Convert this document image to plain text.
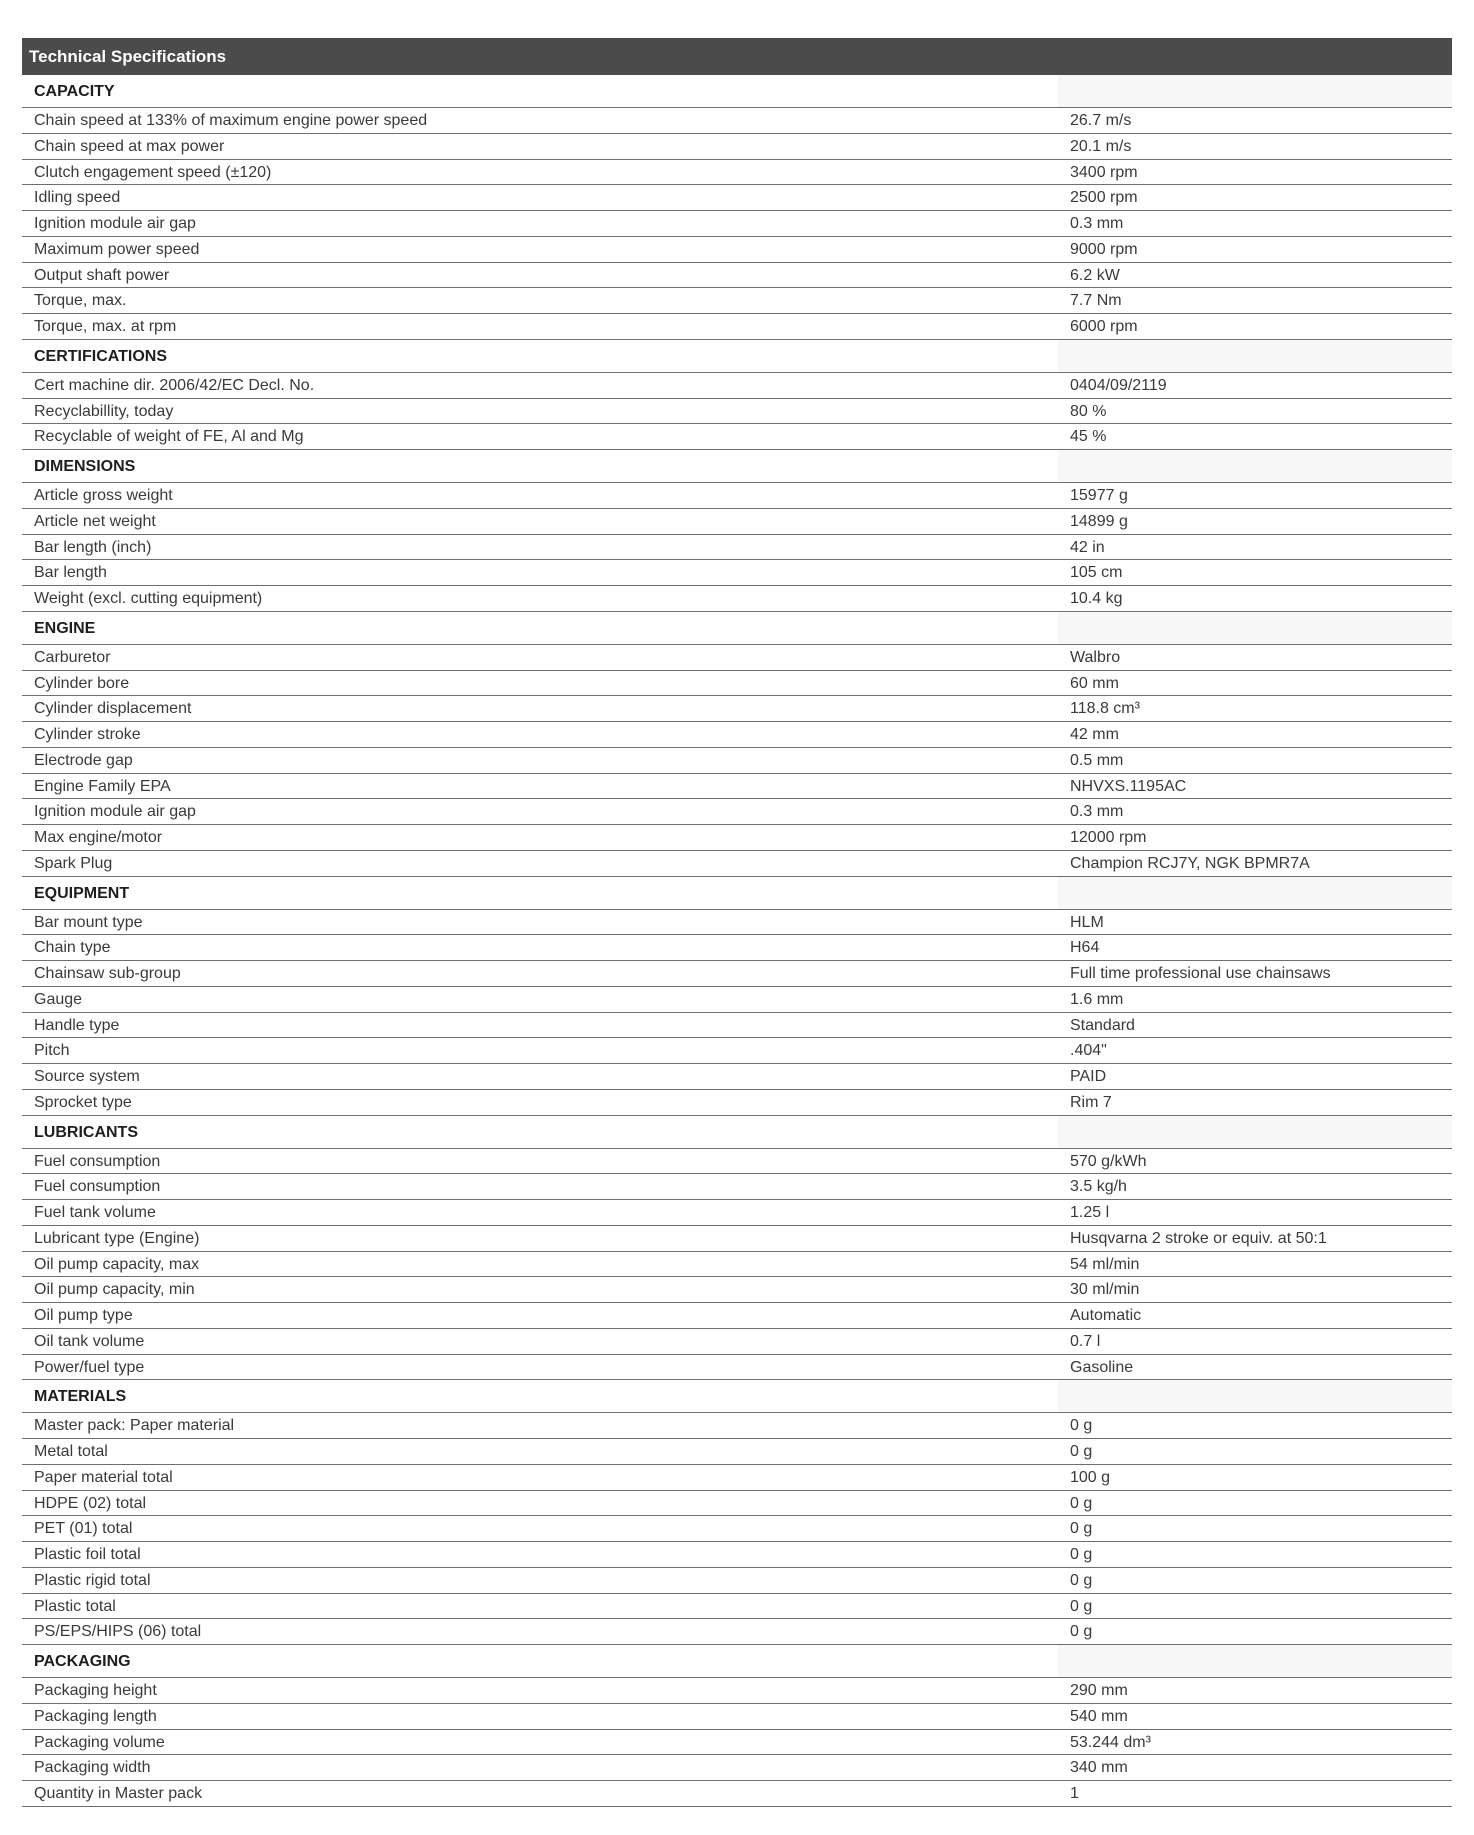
Technical Specifications
CAPACITY
Chain speed at 133% of maximum engine power speed	26.7 m/s
Chain speed at max power	20.1 m/s
Clutch engagement speed (±120)	3400 rpm
Idling speed	2500 rpm
Ignition module air gap	0.3 mm
Maximum power speed	9000 rpm
Output shaft power	6.2 kW
Torque, max.	7.7 Nm
Torque, max. at rpm	6000 rpm
CERTIFICATIONS
Cert machine dir. 2006/42/EC Decl. No.	0404/09/2119
Recyclabillity, today	80 %
Recyclable of weight of FE, Al and Mg	45 %
DIMENSIONS
Article gross weight	15977 g
Article net weight	14899 g
Bar length (inch)	42 in
Bar length	105 cm
Weight (excl. cutting equipment)	10.4 kg
ENGINE
Carburetor	Walbro
Cylinder bore	60 mm
Cylinder displacement	118.8 cm³
Cylinder stroke	42 mm
Electrode gap	0.5 mm
Engine Family EPA	NHVXS.1195AC
Ignition module air gap	0.3 mm
Max engine/motor	12000 rpm
Spark Plug	Champion RCJ7Y, NGK BPMR7A
EQUIPMENT
Bar mount type	HLM
Chain type	H64
Chainsaw sub-group	Full time professional use chainsaws
Gauge	1.6 mm
Handle type	Standard
Pitch	.404"
Source system	PAID
Sprocket type	Rim 7
LUBRICANTS
Fuel consumption	570 g/kWh
Fuel consumption	3.5 kg/h
Fuel tank volume	1.25 l
Lubricant type (Engine)	Husqvarna 2 stroke or equiv. at 50:1
Oil pump capacity, max	54 ml/min
Oil pump capacity, min	30 ml/min
Oil pump type	Automatic
Oil tank volume	0.7 l
Power/fuel type	Gasoline
MATERIALS
Master pack: Paper material	0 g
Metal total	0 g
Paper material total	100 g
HDPE (02) total	0 g
PET (01) total	0 g
Plastic foil total	0 g
Plastic rigid total	0 g
Plastic total	0 g
PS/EPS/HIPS (06) total	0 g
PACKAGING
Packaging height	290 mm
Packaging length	540 mm
Packaging volume	53.244 dm³
Packaging width	340 mm
Quantity in Master pack	1
